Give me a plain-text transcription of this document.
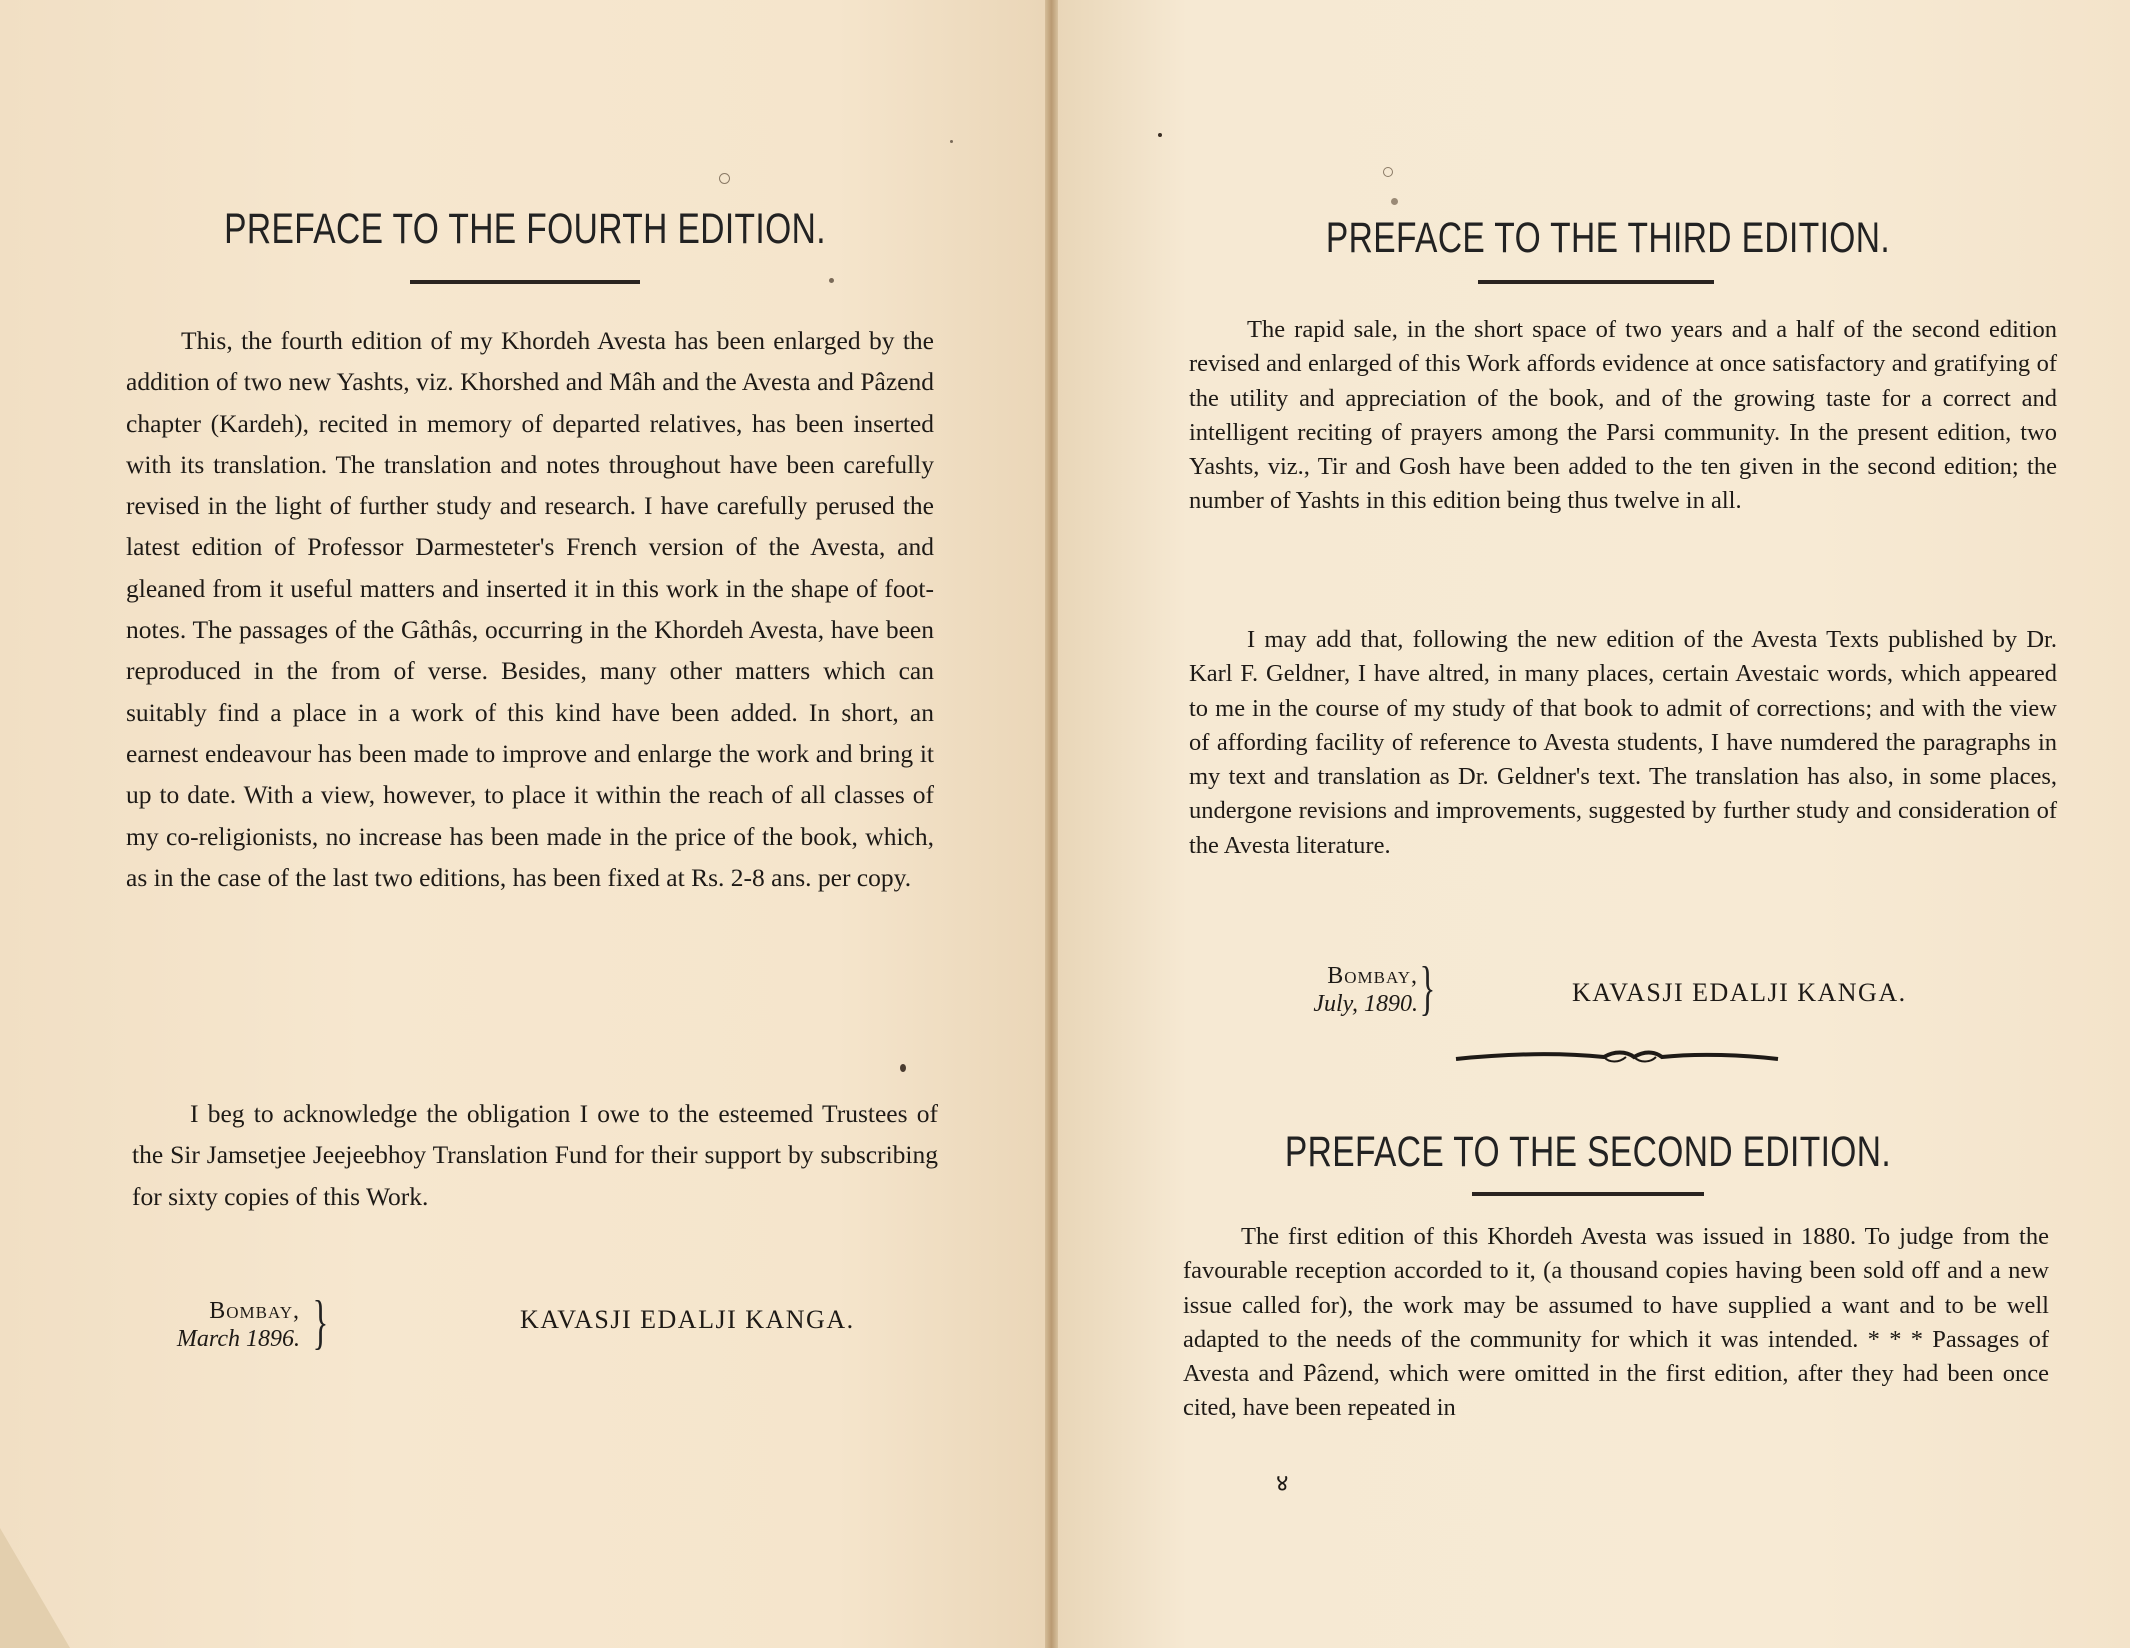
PREFACE TO THE FOURTH EDITION.

This, the fourth edition of my Khordeh Avesta has been enlarged by the addition of two new Yashts, viz. Khorshed and Mâh and the Avesta and Pâzend chapter (Kardeh), recited in memory of departed relatives, has been inserted with its translation. The translation and notes throughout have been carefully revised in the light of further study and research. I have carefully perused the latest edition of Professor Darmesteter's French version of the Avesta, and gleaned from it useful matters and inserted it in this work in the shape of foot-notes. The passages of the Gâthâs, occurring in the Khordeh Avesta, have been reproduced in the from of verse. Besides, many other matters which can suitably find a place in a work of this kind have been added. In short, an earnest endeavour has been made to improve and enlarge the work and bring it up to date. With a view, however, to place it within the reach of all classes of my co-religionists, no increase has been made in the price of the book, which, as in the case of the last two editions, has been fixed at Rs. 2-8 ans. per copy.

I beg to acknowledge the obligation I owe to the esteemed Trustees of the Sir Jamsetjee Jeejeebhoy Translation Fund for their support by subscribing for sixty copies of this Work.

Bombay,
March 1896. }	KAVASJI EDALJI KANGA.
PREFACE TO THE THIRD EDITION.

The rapid sale, in the short space of two years and a half of the second edition revised and enlarged of this Work affords evidence at once satisfactory and gratifying of the utility and appreciation of the book, and of the growing taste for a correct and intelligent reciting of prayers among the Parsi community. In the present edition, two Yashts, viz., Tir and Gosh have been added to the ten given in the second edition; the number of Yashts in this edition being thus twelve in all.

I may add that, following the new edition of the Avesta Texts published by Dr. Karl F. Geldner, I have altred, in many places, certain Avestaic words, which appeared to me in the course of my study of that book to admit of corrections; and with the view of affording facility of reference to Avesta students, I have numdered the paragraphs in my text and translation as Dr. Geldner's text. The translation has also, in some places, undergone revisions and improvements, suggested by further study and consideration of the Avesta literature.

Bombay,
July, 1890. }	KAVASJI EDALJI KANGA.
PREFACE TO THE SECOND EDITION.

The first edition of this Khordeh Avesta was issued in 1880. To judge from the favourable reception accorded to it, (a thousand copies having been sold off and a new issue called for), the work may be assumed to have supplied a want and to be well adapted to the needs of the community for which it was intended. * * * Passages of Avesta and Pâzend, which were omitted in the first edition, after they had been once cited, have been repeated in

४
